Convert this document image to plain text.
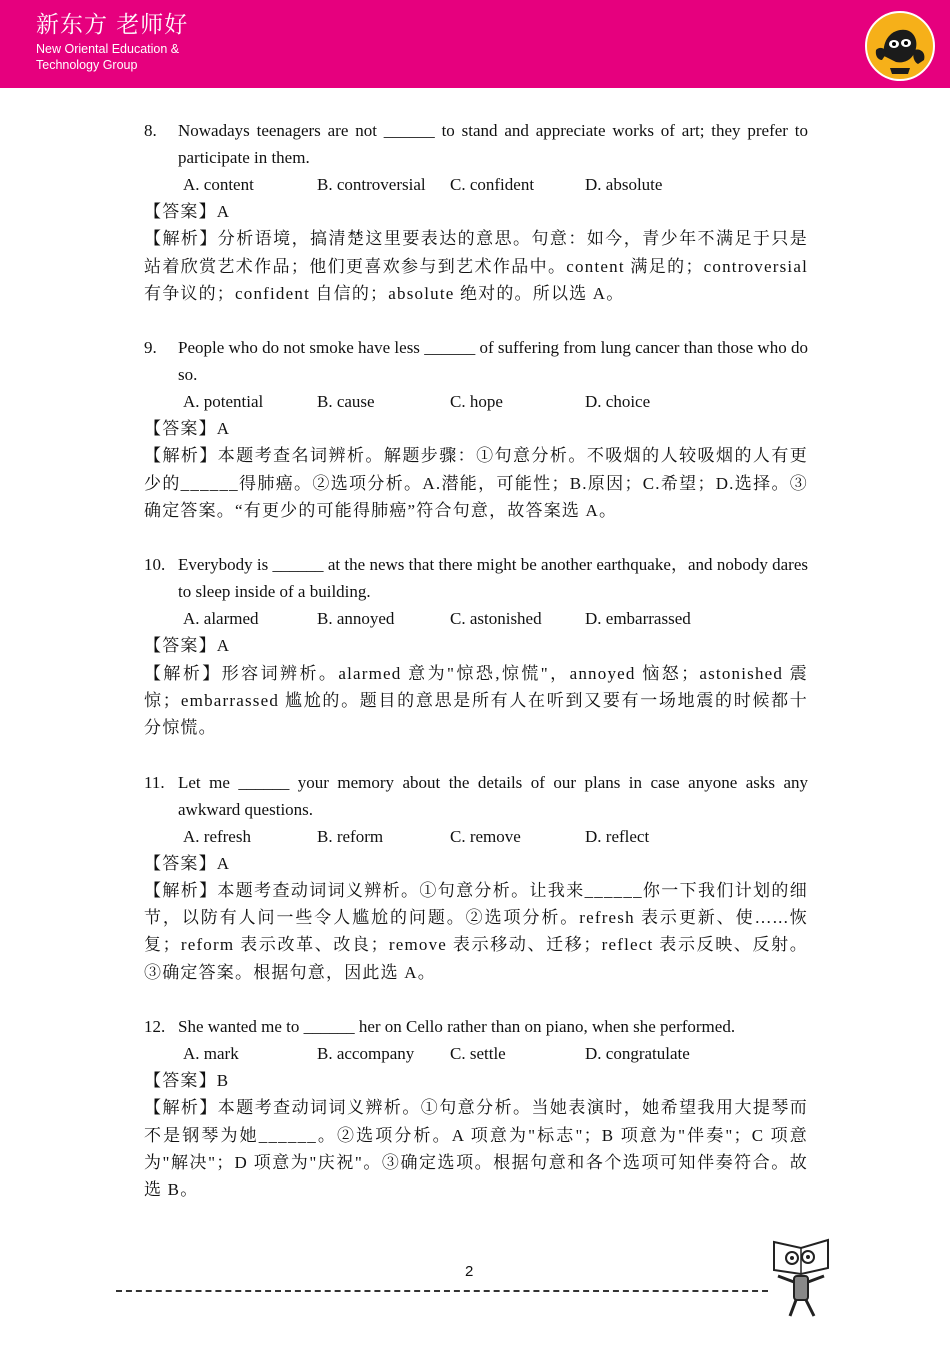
新东方 老师好
New Oriental Education &
Technology Group
8. Nowadays teenagers are not ______ to stand and appreciate works of art; they prefer to participate in them.
A. content	B. controversial C. confident	D. absolute
【答案】A
【解析】分析语境，搞清楚这里要表达的意思。句意：如今，青少年不满足于只是站着欣赏艺术作品；他们更喜欢参与到艺术作品中。content 满足的；controversial 有争议的；confident 自信的；absolute 绝对的。所以选 A。
9. People who do not smoke have less ______ of suffering from lung cancer than those who do so.
A. potential	B. cause	C. hope	D. choice
【答案】A
【解析】本题考查名词辨析。解题步骤：①句意分析。不吸烟的人较吸烟的人有更少的______得肺癌。②选项分析。A.潜能，可能性；B.原因；C.希望；D.选择。③确定答案。“有更少的可能得肺癌”符合句意，故答案选 A。
10. Everybody is ______ at the news that there might be another earthquake，and nobody dares to sleep inside of a building.
A. alarmed	B. annoyed	C. astonished	D. embarrassed
【答案】A
【解析】形容词辨析。alarmed 意为"惊恐,惊慌"，annoyed 恼怒；astonished 震惊；embarrassed 尴尬的。题目的意思是所有人在听到又要有一场地震的时候都十分惊慌。
11. Let me ______ your memory about the details of our plans in case anyone asks any awkward questions.
A. refresh	B. reform	C. remove	D. reflect
【答案】A
【解析】本题考查动词词义辨析。①句意分析。让我来______你一下我们计划的细节，以防有人问一些令人尴尬的问题。②选项分析。refresh 表示更新、使…...恢复；reform 表示改革、改良；remove 表示移动、迁移；reflect 表示反映、反射。③确定答案。根据句意，因此选 A。
12. She wanted me to ______ her on Cello rather than on piano, when she performed.
A. mark	B. accompany C. settle	D. congratulate
【答案】B
【解析】本题考查动词词义辨析。①句意分析。当她表演时，她希望我用大提琴而不是钢琴为她______。②选项分析。A 项意为"标志"；B 项意为"伴奏"；C 项意为"解决"；D 项意为"庆祝"。③确定选项。根据句意和各个选项可知伴奏符合。故选 B。
2
